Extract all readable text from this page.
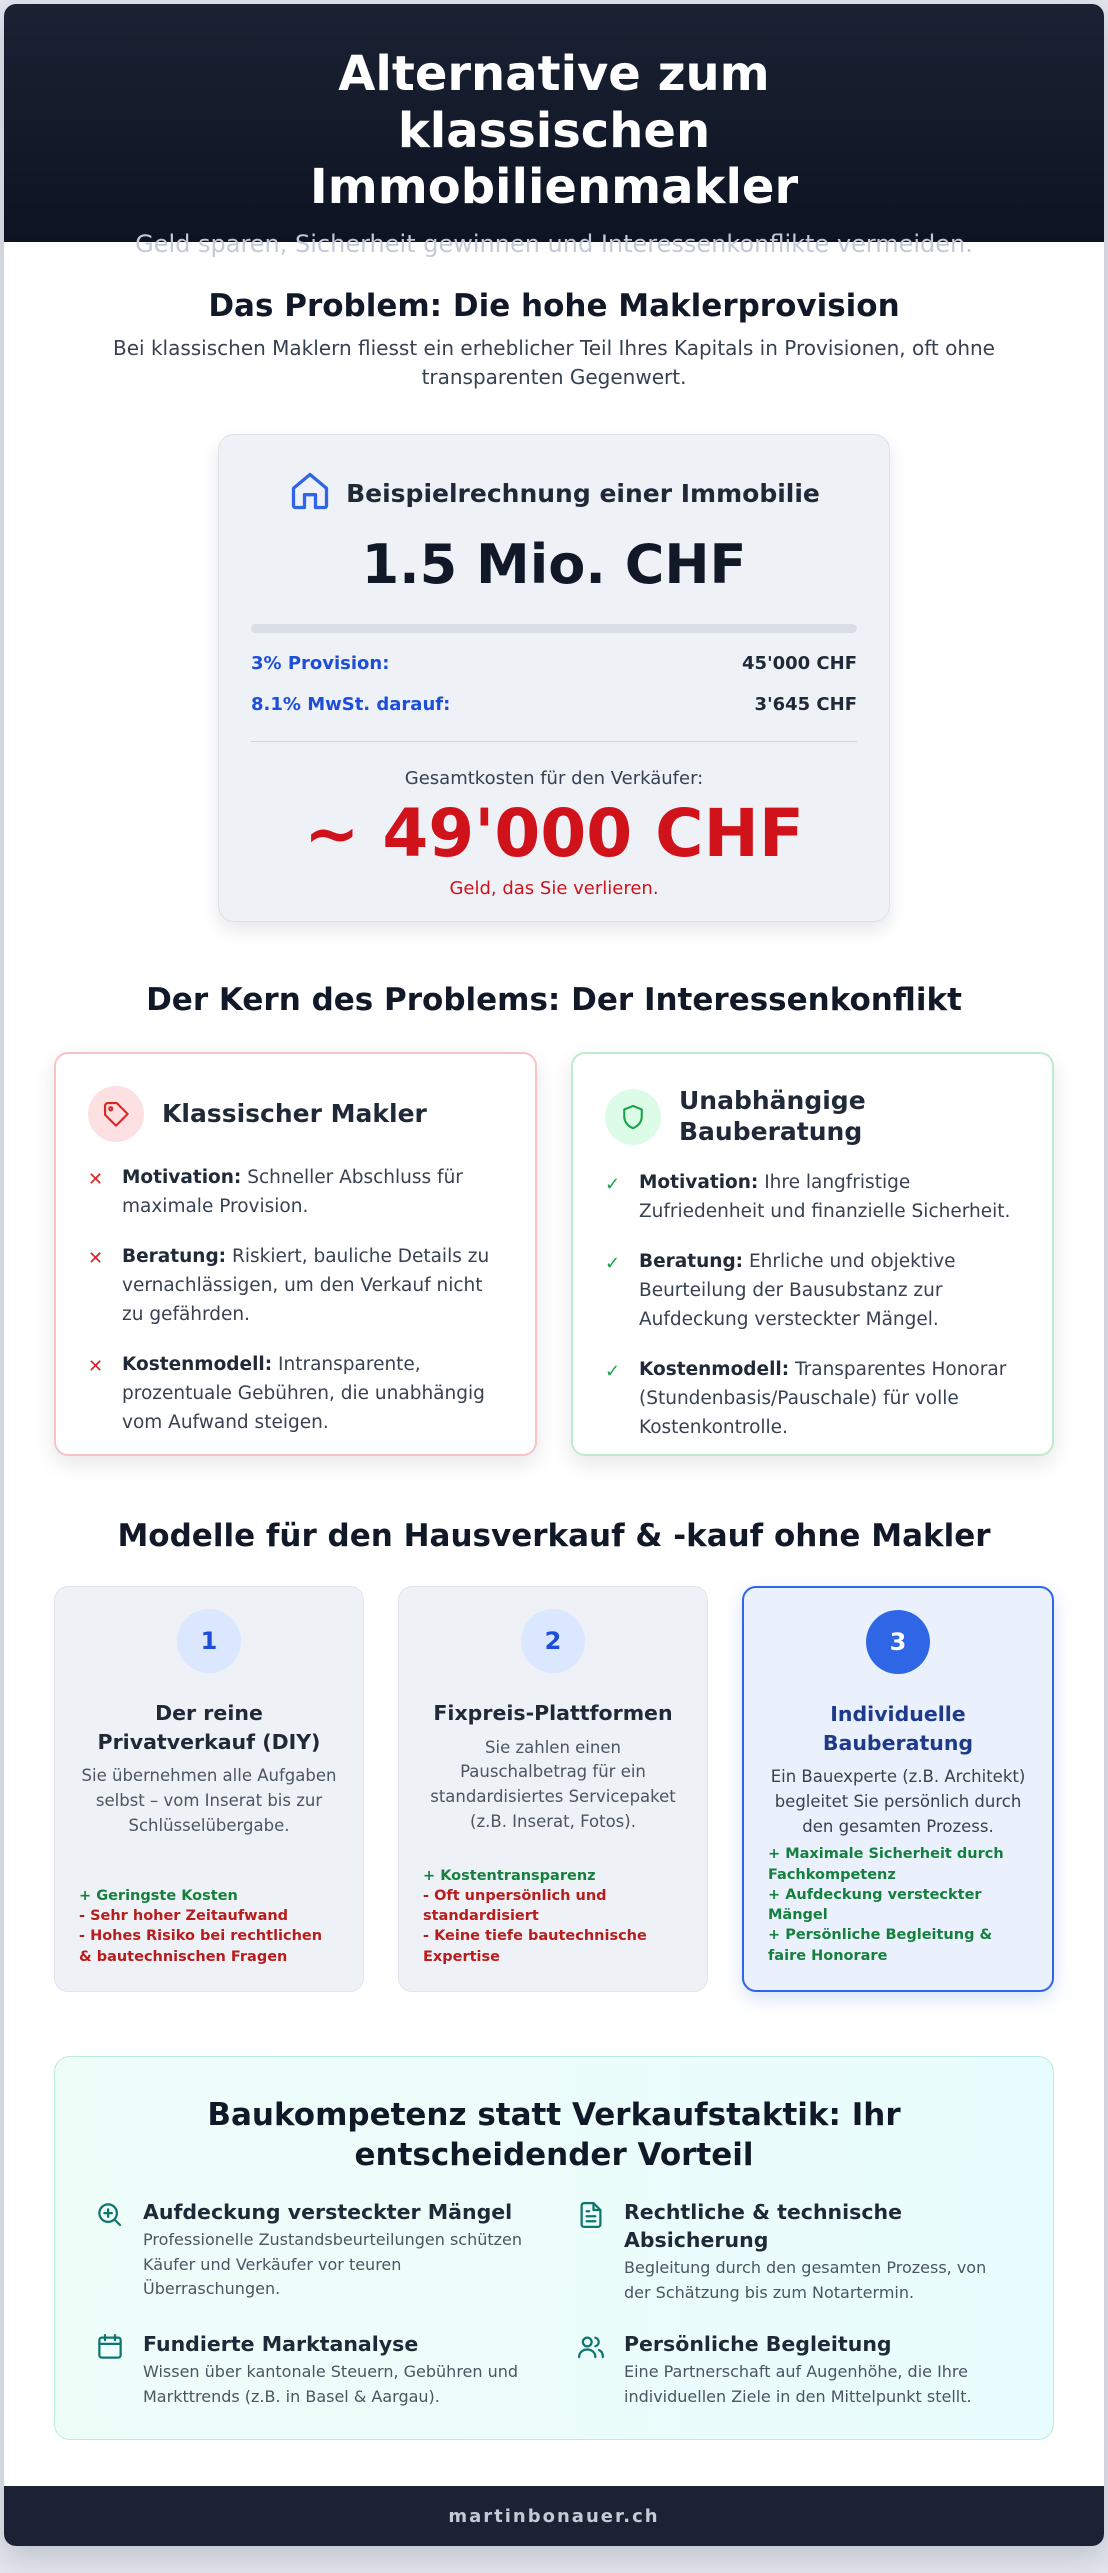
Alternative zum klassischen Immobilienmakler

Geld sparen, Sicherheit gewinnen und Interessenkonflikte vermeiden.

Das Problem: Die hohe Maklerprovision

Bei klassischen Maklern fliesst ein erheblicher Teil Ihres Kapitals in Provisionen, oft ohne transparenten Gegenwert.

Beispielrechnung einer Immobilie
1.5 Mio. CHF
3% Provision:	45'000 CHF
8.1% MwSt. darauf:	3'645 CHF
Gesamtkosten für den Verkäufer:
~ 49'000 CHF
Geld, das Sie verlieren.
Der Kern des Problems: Der Interessenkonflikt
Klassischer Makler
✕ Motivation: Schneller Abschluss für maximale Provision.
✕ Beratung: Riskiert, bauliche Details zu vernachlässigen, um den Verkauf nicht zu gefährden.
✕ Kostenmodell: Intransparente, prozentuale Gebühren, die unabhängig vom Aufwand steigen.
Unabhängige Bauberatung
✓ Motivation: Ihre langfristige Zufriedenheit und finanzielle Sicherheit.
✓ Beratung: Ehrliche und objektive Beurteilung der Bausubstanz zur Aufdeckung versteckter Mängel.
✓ Kostenmodell: Transparentes Honorar (Stundenbasis/Pauschale) für volle Kostenkontrolle.
Modelle für den Hausverkauf & -kauf ohne Makler
1
Der reine Privatverkauf (DIY)
Sie übernehmen alle Aufgaben selbst – vom Inserat bis zur Schlüsselübergabe.
+ Geringste Kosten
- Sehr hoher Zeitaufwand
- Hohes Risiko bei rechtlichen & bautechnischen Fragen
2
Fixpreis-Plattformen
Sie zahlen einen Pauschalbetrag für ein standardisiertes Servicepaket (z.B. Inserat, Fotos).
+ Kostentransparenz
- Oft unpersönlich und standardisiert
- Keine tiefe bautechnische Expertise
3
Individuelle Bauberatung
Ein Bauexperte (z.B. Architekt) begleitet Sie persönlich durch den gesamten Prozess.
+ Maximale Sicherheit durch Fachkompetenz
+ Aufdeckung versteckter Mängel
+ Persönliche Begleitung & faire Honorare
Baukompetenz statt Verkaufstaktik: Ihr entscheidender Vorteil
Aufdeckung versteckter Mängel
Professionelle Zustandsbeurteilungen schützen Käufer und Verkäufer vor teuren Überraschungen.
Rechtliche & technische Absicherung
Begleitung durch den gesamten Prozess, von der Schätzung bis zum Notartermin.
Fundierte Marktanalyse
Wissen über kantonale Steuern, Gebühren und Markttrends (z.B. in Basel & Aargau).
Persönliche Begleitung
Eine Partnerschaft auf Augenhöhe, die Ihre individuellen Ziele in den Mittelpunkt stellt.
martinbonauer.ch
